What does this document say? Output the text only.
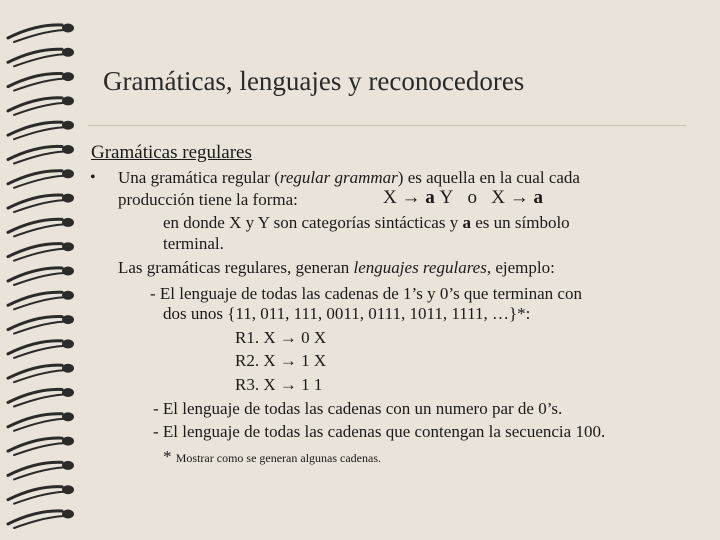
Gramáticas, lenguajes y reconocedores
Gramáticas regulares
• Una gramática regular (regular grammar) es aquella en la cual cada
producción tiene la forma:	X → a Y o X → a
en donde X y Y son categorías sintácticas y a es un símbolo
terminal.
Las gramáticas regulares, generan lenguajes regulares, ejemplo:
- El lenguaje de todas las cadenas de 1’s y 0’s que terminan con
dos unos {11, 011, 111, 0011, 0111, 1011, 1111, …}*:
R1. X → 0 X
R2. X → 1 X
R3. X → 1 1
- El lenguaje de todas las cadenas con un numero par de 0’s.
- El lenguaje de todas las cadenas que contengan la secuencia 100.
* Mostrar como se generan algunas cadenas.
